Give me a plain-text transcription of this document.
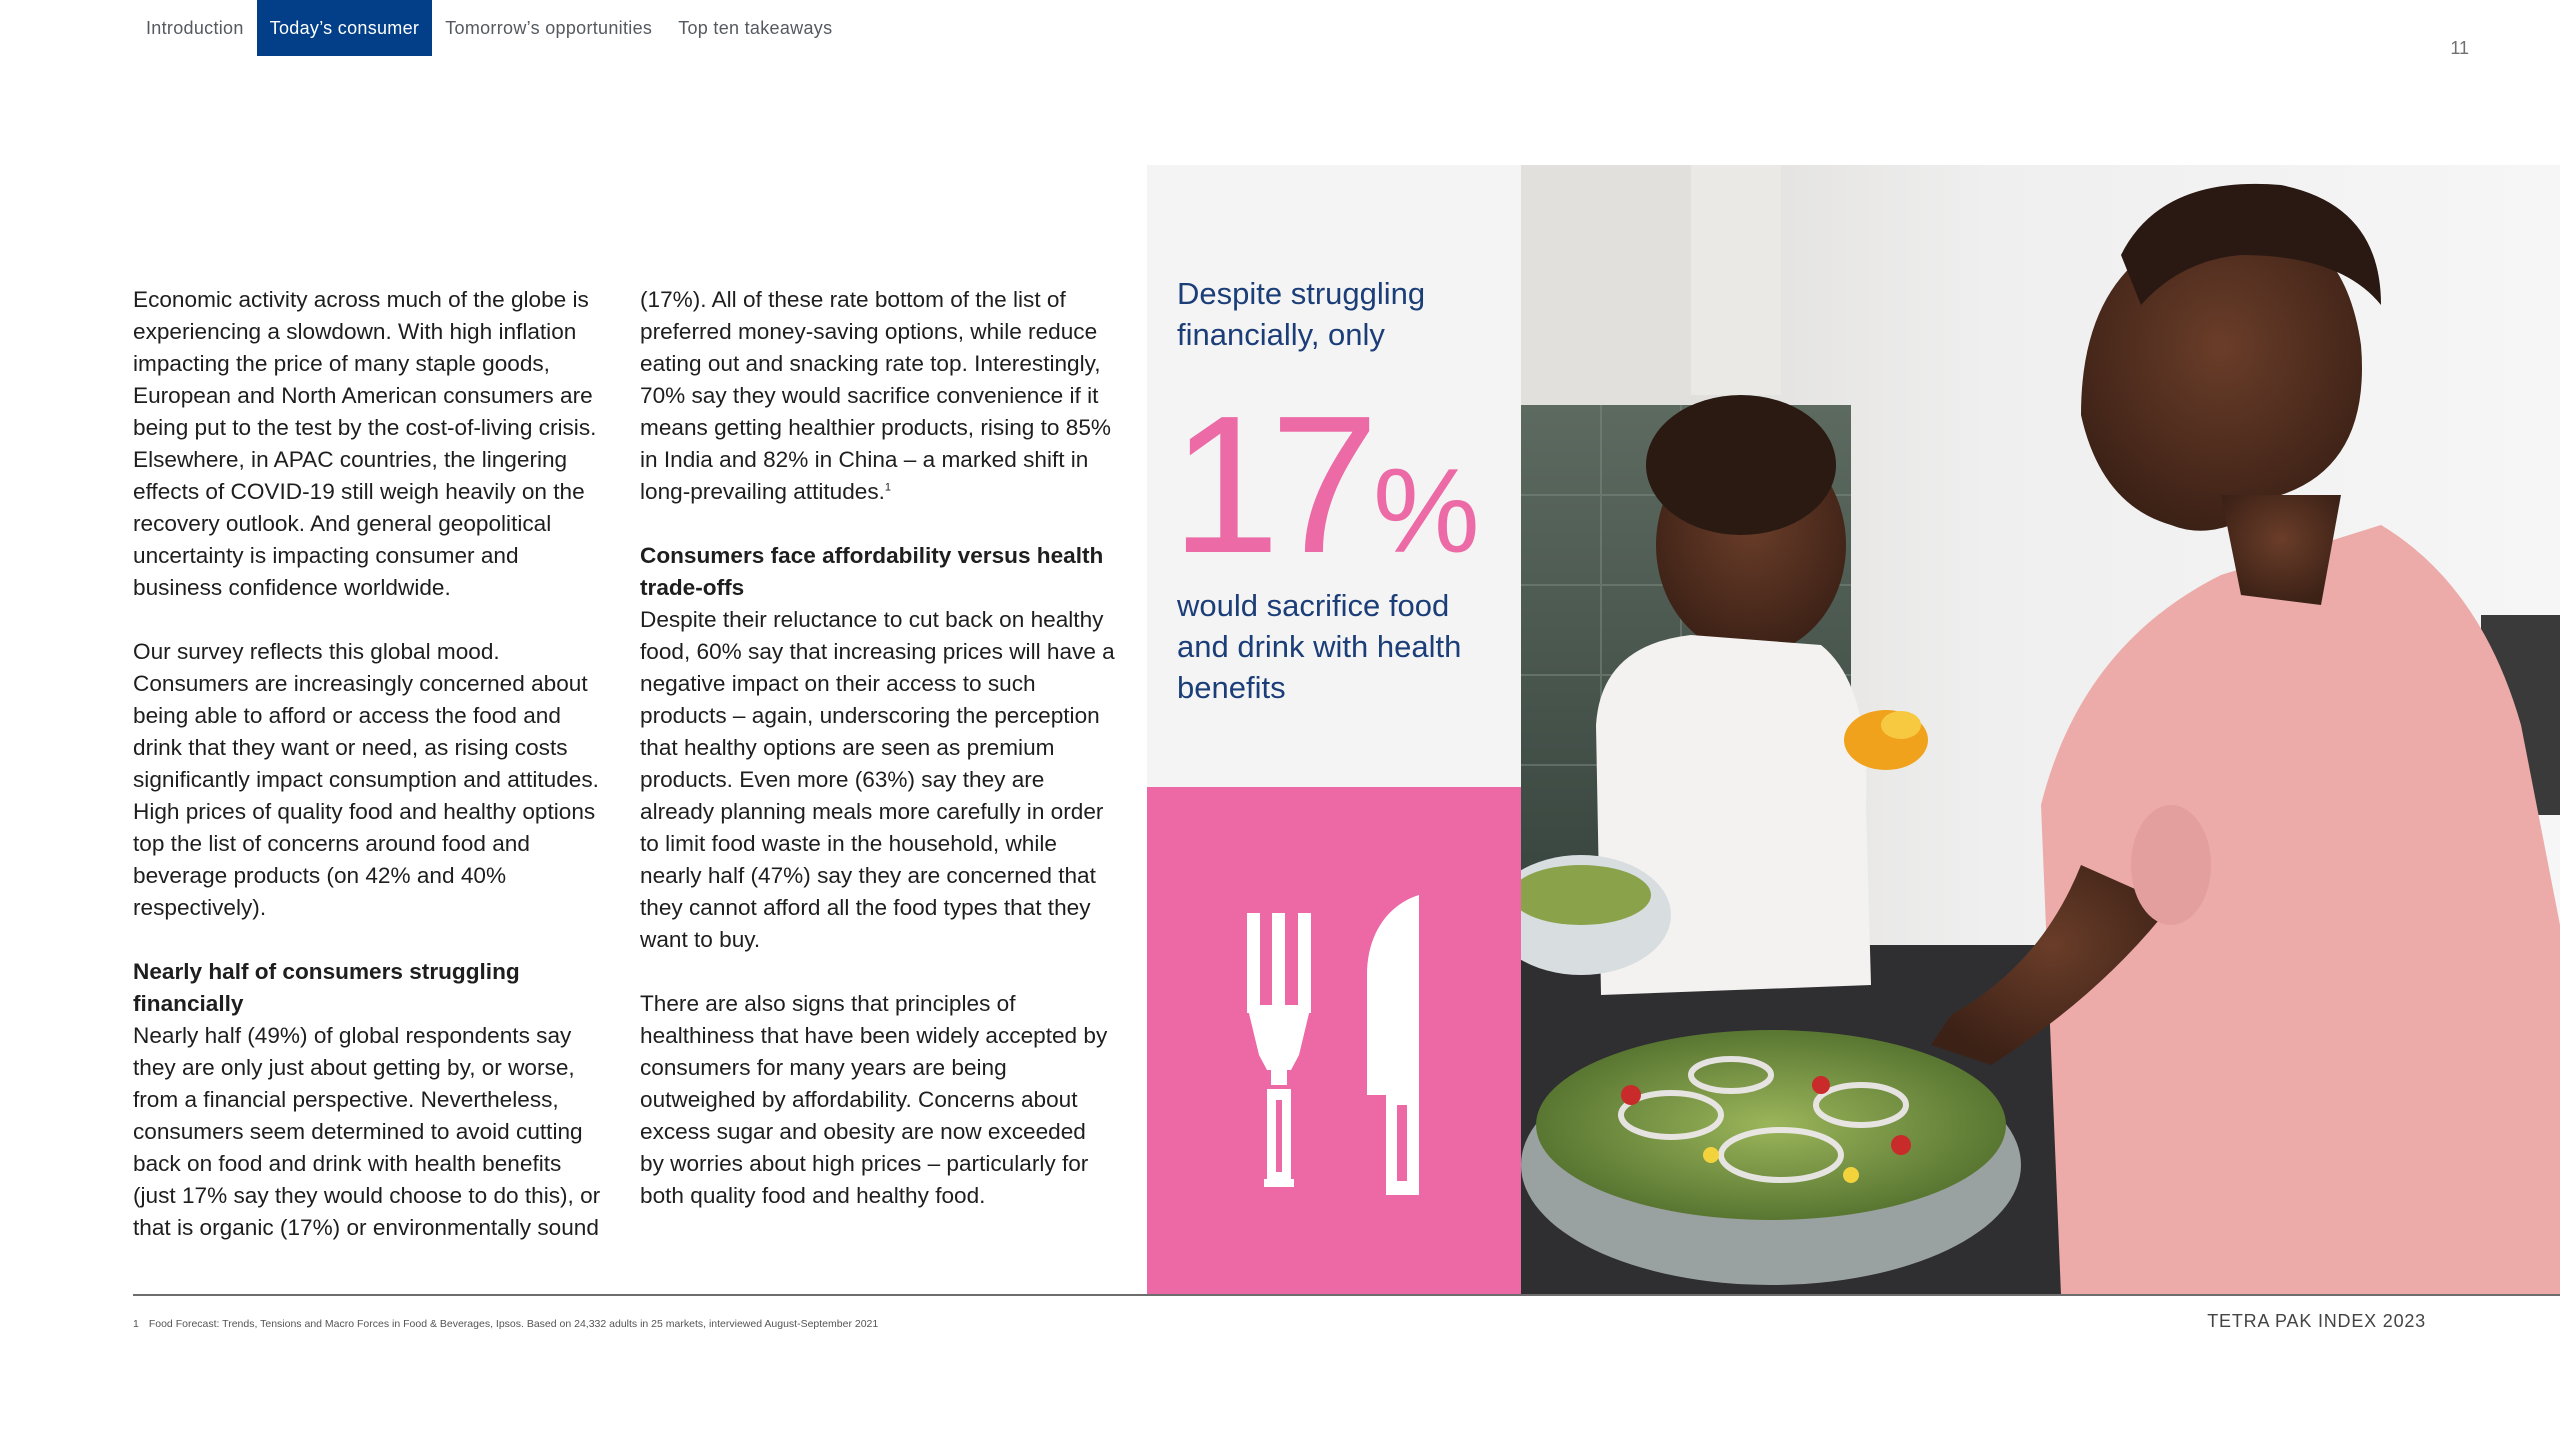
Introduction	Today’s consumer	Tomorrow’s opportunities	Top ten takeaways
11

Economic activity across much of the globe is experiencing a slowdown. With high inflation impacting the price of many staple goods, European and North American consumers are being put to the test by the cost-of-living crisis. Elsewhere, in APAC countries, the lingering effects of COVID-19 still weigh heavily on the recovery outlook. And general geopolitical uncertainty is impacting consumer and business confidence worldwide.

Our survey reflects this global mood. Consumers are increasingly concerned about being able to afford or access the food and drink that they want or need, as rising costs significantly impact consumption and attitudes. High prices of quality food and healthy options top the list of concerns around food and beverage products (on 42% and 40% respectively).

Nearly half of consumers struggling financially
Nearly half (49%) of global respondents say they are only just about getting by, or worse, from a financial perspective. Nevertheless, consumers seem determined to avoid cutting back on food and drink with health benefits (just 17% say they would choose to do this), or that is organic (17%) or environmentally sound

(17%). All of these rate bottom of the list of preferred money-saving options, while reduce eating out and snacking rate top. Interestingly, 70% say they would sacrifice convenience if it means getting healthier products, rising to 85% in India and 82% in China – a marked shift in long-prevailing attitudes.$^1$

Consumers face affordability versus health trade-offs
Despite their reluctance to cut back on healthy food, 60% say that increasing prices will have a negative impact on their access to such products – again, underscoring the perception that healthy options are seen as premium products. Even more (63%) say they are already planning meals more carefully in order to limit food waste in the household, while nearly half (47%) say they are concerned that they cannot afford all the food types that they want to buy.

There are also signs that principles of healthiness that have been widely accepted by consumers for many years are being outweighed by affordability. Concerns about excess sugar and obesity are now exceeded by worries about high prices – particularly for both quality food and healthy food.

Despite struggling financially, only
17%
would sacrifice food and drink with health benefits
1 Food Forecast: Trends, Tensions and Macro Forces in Food & Beverages, Ipsos. Based on 24,332 adults in 25 markets, interviewed August-September 2021	TETRA PAK INDEX 2023
